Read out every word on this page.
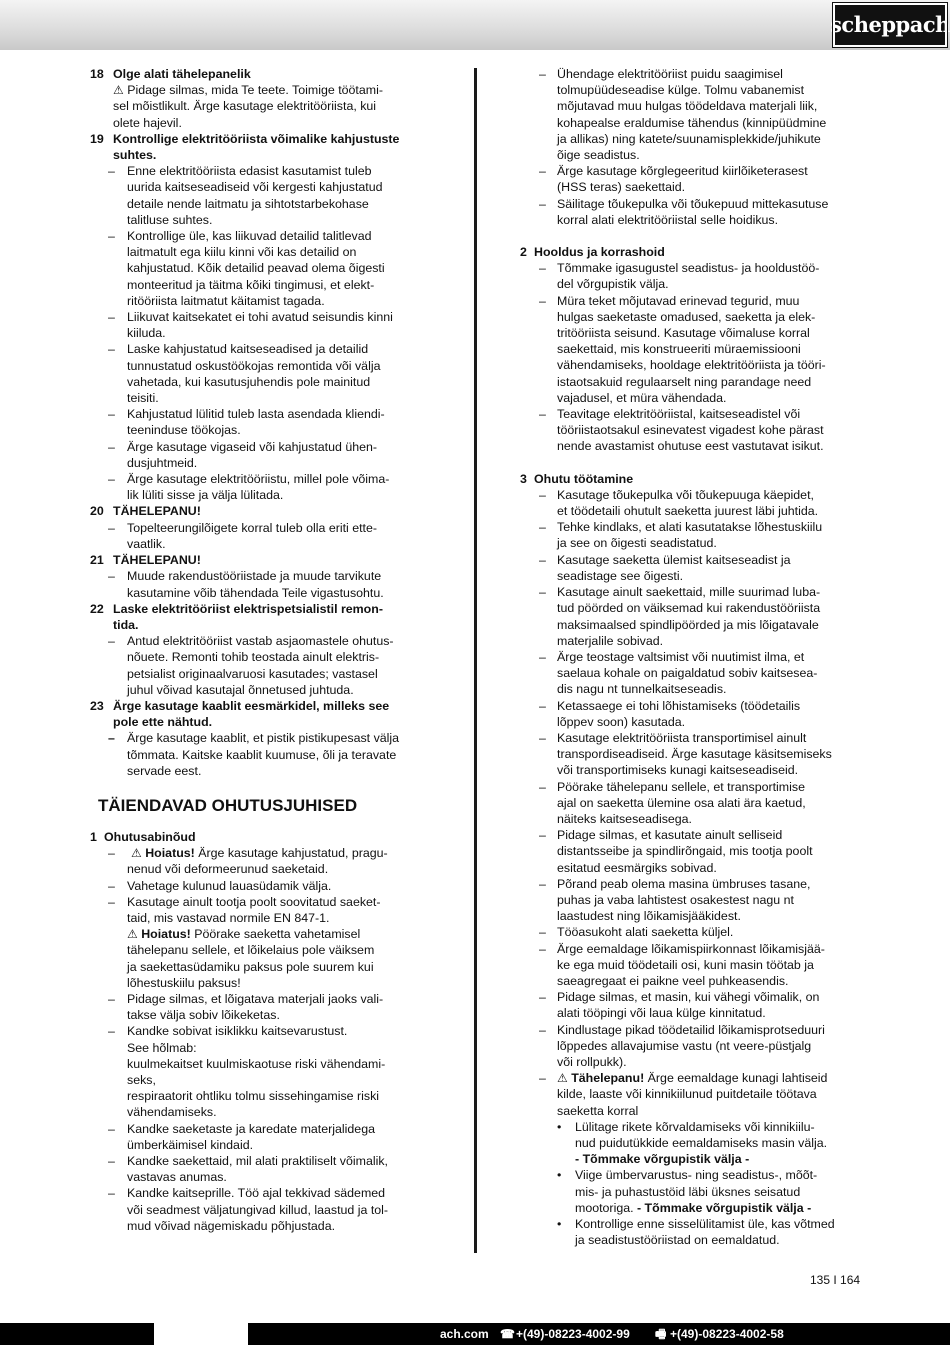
scheppach
18 Olge alati tähelepanelik
⚠ Pidage silmas, mida Te teete. Toimige töötami-
sel mõistlikult. Ärge kasutage elektritööriista, kui
olete hajevil.
19 Kontrollige elektritööriista võimalike kahjustuste
suhtes.
– Enne elektritööriista edasist kasutamist tuleb
uurida kaitseseadiseid või kergesti kahjustatud
detaile nende laitmatu ja sihtotstarbekohase
talitluse suhtes.
– Kontrollige üle, kas liikuvad detailid talitlevad
laitmatult ega kiilu kinni või kas detailid on
kahjustatud. Kõik detailid peavad olema õigesti
monteeritud ja täitma kõiki tingimusi, et elekt-
ritööriista laitmatut käitamist tagada.
– Liikuvat kaitsekatet ei tohi avatud seisundis kinni
kiiluda.
– Laske kahjustatud kaitseseadised ja detailid
tunnustatud oskustöökojas remontida või välja
vahetada, kui kasutusjuhendis pole mainitud
teisiti.
– Kahjustatud lülitid tuleb lasta asendada kliendi-
teeninduse töökojas.
– Ärge kasutage vigaseid või kahjustatud ühen-
dusjuhtmeid.
– Ärge kasutage elektritööriistu, millel pole võima-
lik lüliti sisse ja välja lülitada.
20 TÄHELEPANU!
– Topelteerungilõigete korral tuleb olla eriti ette-
vaatlik.
21 TÄHELEPANU!
– Muude rakendustööriistade ja muude tarvikute
kasutamine võib tähendada Teile vigastusohtu.
22 Laske elektritööriist elektrispetsialistil remon-
tida.
– Antud elektritööriist vastab asjaomastele ohutus-
nõuete. Remonti tohib teostada ainult elektris-
petsialist originaalvaruosi kasutades; vastasel
juhul võivad kasutajal õnnetused juhtuda.
23 Ärge kasutage kaablit eesmärkidel, milleks see
pole ette nähtud.
– Ärge kasutage kaablit, et pistik pistikupesast välja
tõmmata. Kaitske kaablit kuumuse, õli ja teravate
servade eest.
TÄIENDAVAD OHUTUSJUHISED
1 Ohutusabinõud
– ⚠ Hoiatus! Ärge kasutage kahjustatud, pragu-
nenud või deformeerunud saeketaid.
– Vahetage kulunud lauasüdamik välja.
– Kasutage ainult tootja poolt soovitatud saeket-
taid, mis vastavad normile EN 847-1.
⚠ Hoiatus! Pöörake saeketta vahetamisel
tähelepanu sellele, et lõikelaius pole väiksem
ja saekettasüdamiku paksus pole suurem kui
lõhestuskiilu paksus!
– Pidage silmas, et lõigatava materjali jaoks vali-
takse välja sobiv lõikeketas.
– Kandke sobivat isiklikku kaitsevarustust.
See hõlmab:
kuulmekaitset kuulmiskaotuse riski vähendami-
seks,
respiraatorit ohtliku tolmu sissehingamise riski
vähendamiseks.
– Kandke saeketaste ja karedate materjalidega
ümberkäimisel kindaid.
– Kandke saekettaid, mil alati praktiliselt võimalik,
vastavas anumas.
– Kandke kaitseprille. Töö ajal tekkivad sädemed
või seadmest väljatungivad killud, laastud ja tol-
mud võivad nägemiskadu põhjustada.
– Ühendage elektritööriist puidu saagimisel
tolmupüüdeseadise külge. Tolmu vabanemist
mõjutavad muu hulgas töödeldava materjali liik,
kohapealse eraldumise tähendus (kinnipüüdmine
ja allikas) ning katete/suunamisplekkide/juhikute
õige seadistus.
– Ärge kasutage kõrglegeeritud kiirlõiketerasest
(HSS teras) saekettaid.
– Säilitage tõukepulka või tõukepuud mittekasutuse
korral alati elektritööriistal selle hoidikus.
2 Hooldus ja korrashoid
– Tõmmake igasugustel seadistus- ja hooldustöö-
del võrgupistik välja.
– Müra teket mõjutavad erinevad tegurid, muu
hulgas saeketaste omadused, saeketta ja elek-
tritööriista seisund. Kasutage võimaluse korral
saekettaid, mis konstrueeriti müraemissiooni
vähendamiseks, hooldage elektritööriista ja tööri-
istaotsakuid regulaarselt ning parandage need
vajadusel, et müra vähendada.
– Teavitage elektritööriistal, kaitseseadistel või
tööriistaotsakul esinevatest vigadest kohe pärast
nende avastamist ohutuse eest vastutavat isikut.
3 Ohutu töötamine
– Kasutage tõukepulka või tõukepuuga käepidet,
et töödetaili ohutult saeketta juurest läbi juhtida.
– Tehke kindlaks, et alati kasutatakse lõhestuskiilu
ja see on õigesti seadistatud.
– Kasutage saeketta ülemist kaitseseadist ja
seadistage see õigesti.
– Kasutage ainult saekettaid, mille suurimad luba-
tud pöörded on väiksemad kui rakendustööriista
maksimaalsed spindlipöörded ja mis lõigatavale
materjalile sobivad.
– Ärge teostage valtsimist või nuutimist ilma, et
saelaua kohale on paigaldatud sobiv kaitsesea-
dis nagu nt tunnelkaitseseadis.
– Ketassaege ei tohi lõhistamiseks (töödetailis
lõppev soon) kasutada.
– Kasutage elektritööriista transportimisel ainult
transpordiseadiseid. Ärge kasutage käsitsemiseks
või transportimiseks kunagi kaitseseadiseid.
– Pöörake tähelepanu sellele, et transportimise
ajal on saeketta ülemine osa alati ära kaetud,
näiteks kaitseseadisega.
– Pidage silmas, et kasutate ainult selliseid
distantsseibe ja spindlirõngaid, mis tootja poolt
esitatud eesmärgiks sobivad.
– Põrand peab olema masina ümbruses tasane,
puhas ja vaba lahtistest osakestest nagu nt
laastudest ning lõikamisjääkidest.
– Tööasukoht alati saeketta küljel.
– Ärge eemaldage lõikamispiirkonnast lõikamisjää-
ke ega muid töödetaili osi, kuni masin töötab ja
saeagregaat ei paikne veel puhkeasendis.
– Pidage silmas, et masin, kui vähegi võimalik, on
alati tööpingi või laua külge kinnitatud.
– Kindlustage pikad töödetailid lõikamisprotseduuri
lõppedes allavajumise vastu (nt veere-püstjalg
või rollpukk).
– ⚠ Tähelepanu! Ärge eemaldage kunagi lahtiseid
kilde, laaste või kinnikiilunud puitdetaile töötava
saeketta korral
• Lülitage rikete kõrvaldamiseks või kinnikiilu-
nud puidutükkide eemaldamiseks masin välja.
- Tõmmake võrgupistik välja -
• Viige ümbervarustus- ning seadistus-, mõõt-
mis- ja puhastustöid läbi üksnes seisatud
mootoriga. - Tõmmake võrgupistik välja -
• Kontrollige enne sisselülitamist üle, kas võtmed
ja seadistustööriistad on eemaldatud.
135 I 164
ach.com ☎ +(49)-08223-4002-99 🖷 +(49)-08223-4002-58
